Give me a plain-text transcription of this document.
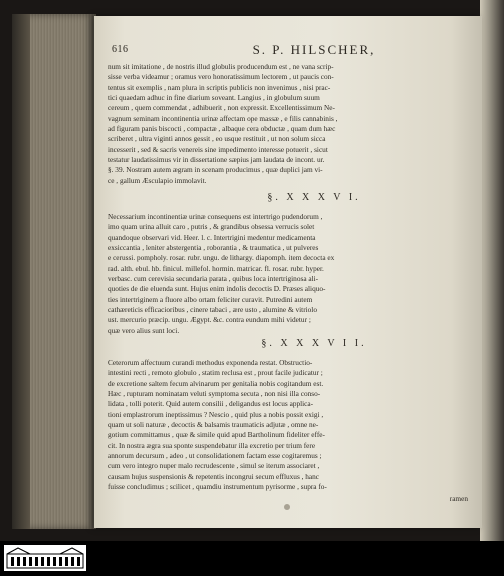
616	S. P. HILSCHER,
num sit imitatione , de nostris illud globulis producendum est , ne vana scrip-
sisse verba videamur ; oramus vero honoratissimum lectorem , ut paucis con-
tentus sit exemplis , nam plura in scriptis publicis non invenimus , nisi prac-
tici quaedam adhuc in fine diarium soveant. Langius , in globulum suum
cereum , quem commendat , adhibuerit , non expressit. Excellentissimum Ne-
vagnum seminam incontinentia urinæ affectam ope massæ , e filis cannabinis ,
ad figuram panis biscocti , compactæ , albaque cera obductæ , quam dum hæc
scriberet , ultra viginti annos gessit , eo usque restituit , ut non solum sicca
incesserit , sed & sacris venereis sine impedimento interesse potuerit , sicut
testatur laudatissimus vir in dissertatione sæpius jam laudata de incont. ur.
§. 39. Nostram autem ægram in scenam producimus , quæ duplici jam vi-
ce , gallum Æsculapio immolavit.
§. X X X V I.
Necessarium incontinentiæ urinæ consequens est intertrigo pudendorum ,
imo quam urina alluit caro , putris , & grandibus obsessa verrucis solet
quandoque observari vid. Heer. l. c. Intertrigini medentur medicamenta
exsiccantia , leniter abstergentia , roborantia , & traumatica , ut pulveres
e cerussi. pompholy. rosar. rubr. ungu. de lithargy. diapomph. item decocta ex
rad. alth. ebul. hb. finicul. millefol. hormin. matricar. fl. rosar. rubr. hyper.
verbasc. cum cerevisia secundaria parata , quibus loca intertriginosa ali-
quoties de die eluenda sunt. Hujus enim indolis decoctis D. Præses aliquo-
ties intertriginem a fluore albo ortam feliciter curavit. Putredini autem
cathæreticis efficacioribus , cinere tabaci , ære usto , alumine & vitriolo
ust. mercurio præcip. ungu. Ægypt. &c. contra eundum mihi videtur ;
quæ vero alius sunt loci.
§. X X X V I I.
Ceterorum affectuum curandi methodus exponenda restat. Obstructio-
intestini recti , remoto globulo , statim reclusa est , prout facile judicatur ;
de excretione saltem fecum alvinarum per genitalia nobis cogitandum est.
Hæc , rupturam nominatam veluti symptoma secuta , non nisi illa conso-
lidata , tolli poterit. Quid autem consilii , deligandus est locus applica-
tioni emplastrorum ineptissimus ? Nescio , quid plus a nobis possit exigi ,
quam ut soli naturæ , decoctis & balsamis traumaticis adjutæ , omne ne-
gotium committamus , quæ & simile quid apud Bartholinum fideliter effe-
cit. In nostra ægra sua sponte suspendebatur illa excretio per trium fere
annorum decursum , adeo , ut consolidationem factam esse cogitaremus ;
cum vero integro nuper malo recrudescente , simul se iterum associaret ,
causam hujus suspensionis & repetentis incongrui secum effluxus , hanc
fuisse concludimus ; scilicet , quamdiu instrumentum pyrisorme , supra fo-
ramen
